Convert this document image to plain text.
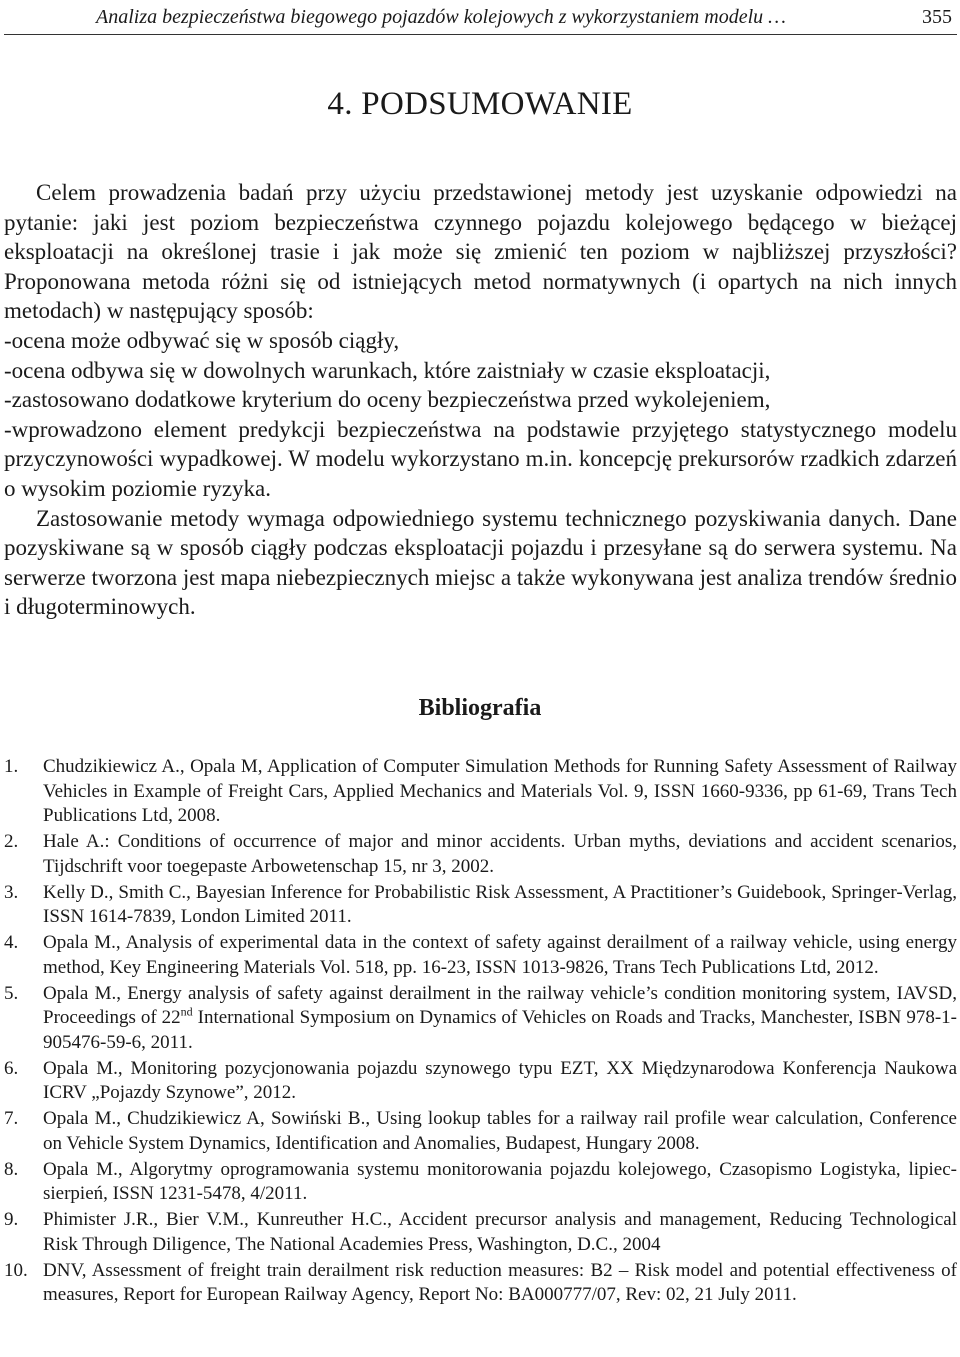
Analiza bezpieczeństwa biegowego pojazdów kolejowych z wykorzystaniem modelu …	355
4. PODSUMOWANIE

Celem prowadzenia badań przy użyciu przedstawionej metody jest uzyskanie odpowiedzi na pytanie: jaki jest poziom bezpieczeństwa czynnego pojazdu kolejowego będącego w bieżącej eksploatacji na określonej trasie i jak może się zmienić ten poziom w najbliższej przyszłości? Proponowana metoda różni się od istniejących metod normatywnych (i opartych na nich innych metodach) w następujący sposób:

-ocena może odbywać się w sposób ciągły,

-ocena odbywa się w dowolnych warunkach, które zaistniały w czasie eksploatacji,

-zastosowano dodatkowe kryterium do oceny bezpieczeństwa przed wykolejeniem,

-wprowadzono element predykcji bezpieczeństwa na podstawie przyjętego statystycznego modelu przyczynowości wypadkowej. W modelu wykorzystano m.in. koncepcję prekursorów rzadkich zdarzeń o wysokim poziomie ryzyka.

Zastosowanie metody wymaga odpowiedniego systemu technicznego pozyskiwania danych. Dane pozyskiwane są w sposób ciągły podczas eksploatacji pojazdu i przesyłane są do serwera systemu. Na serwerze tworzona jest mapa niebezpiecznych miejsc a także wykonywana jest analiza trendów średnio i długoterminowych.

Bibliografia
1. Chudzikiewicz A., Opala M, Application of Computer Simulation Methods for Running Safety Assessment of Railway Vehicles in Example of Freight Cars, Applied Mechanics and Materials Vol. 9, ISSN 1660-9336, pp 61-69, Trans Tech Publications Ltd, 2008.
2. Hale A.: Conditions of occurrence of major and minor accidents. Urban myths, deviations and accident scenarios, Tijdschrift voor toegepaste Arbowetenschap 15, nr 3, 2002.
3. Kelly D., Smith C., Bayesian Inference for Probabilistic Risk Assessment, A Practitioner’s Guidebook, Springer-Verlag, ISSN 1614-7839, London Limited 2011.
4. Opala M., Analysis of experimental data in the context of safety against derailment of a railway vehicle, using energy method, Key Engineering Materials Vol. 518, pp. 16-23, ISSN 1013-9826, Trans Tech Publications Ltd, 2012.
5. Opala M., Energy analysis of safety against derailment in the railway vehicle’s condition monitoring system, IAVSD, Proceedings of 22nd International Symposium on Dynamics of Vehicles on Roads and Tracks, Manchester, ISBN 978-1-905476-59-6, 2011.
6. Opala M., Monitoring pozycjonowania pojazdu szynowego typu EZT, XX Międzynarodowa Konferencja Naukowa ICRV „Pojazdy Szynowe”, 2012.
7. Opala M., Chudzikiewicz A, Sowiński B., Using lookup tables for a railway rail profile wear calculation, Conference on Vehicle System Dynamics, Identification and Anomalies, Budapest, Hungary 2008.
8. Opala M., Algorytmy oprogramowania systemu monitorowania pojazdu kolejowego, Czasopismo Logistyka, lipiec-sierpień, ISSN 1231-5478, 4/2011.
9. Phimister J.R., Bier V.M., Kunreuther H.C., Accident precursor analysis and management, Reducing Technological Risk Through Diligence, The National Academies Press, Washington, D.C., 2004
10. DNV, Assessment of freight train derailment risk reduction measures: B2 – Risk model and potential effectiveness of measures, Report for European Railway Agency, Report No: BA000777/07, Rev: 02, 21 July 2011.
